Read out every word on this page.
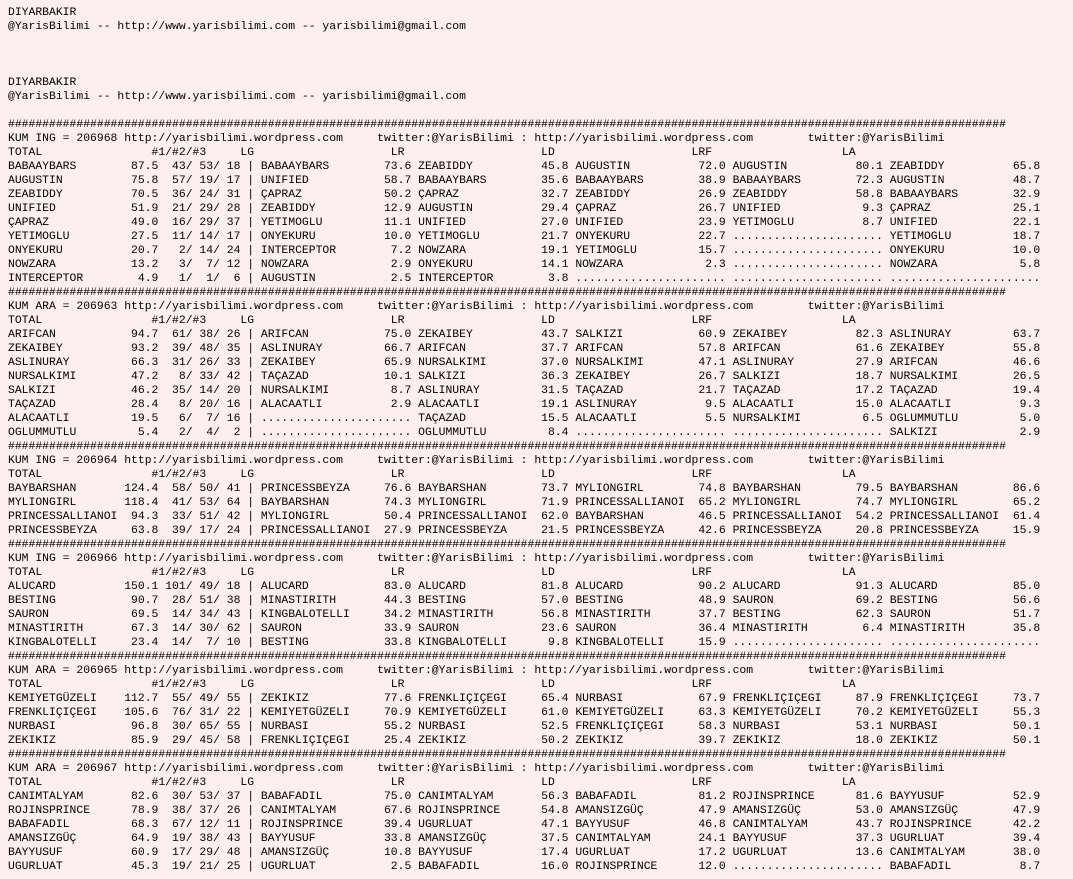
DIYARBAKIR
@YarisBilimi -- http://www.yarisbilimi.com -- yarisbilimi@gmail.com
DIYARBAKIR
@YarisBilimi -- http://www.yarisbilimi.com -- yarisbilimi@gmail.com
##################################################################################################################################################
KUM ING = 206968 http://yarisbilimi.wordpress.com     twitter:@YarisBilimi : http://yarisbilimi.wordpress.com        twitter:@YarisBilimi
TOTAL                #1/#2/#3     LG                    LR                    LD                    LRF                   LA
BABAAYBARS        87.5  43/ 53/ 18 | BABAAYBARS        73.6 ZEABIDDY          45.8 AUGUSTIN          72.0 AUGUSTIN          80.1 ZEABIDDY          65.8
AUGUSTIN          75.8  57/ 19/ 17 | UNIFIED           58.7 BABAAYBARS        35.6 BABAAYBARS        38.9 BABAAYBARS        72.3 AUGUSTIN          48.7
ZEABIDDY          70.5  36/ 24/ 31 | ÇAPRAZ            50.2 ÇAPRAZ            32.7 ZEABIDDY          26.9 ZEABIDDY          58.8 BABAAYBARS        32.9
UNIFIED           51.9  21/ 29/ 28 | ZEABIDDY          12.9 AUGUSTIN          29.4 ÇAPRAZ            26.7 UNIFIED            9.3 ÇAPRAZ            25.1
ÇAPRAZ            49.0  16/ 29/ 37 | YETIMOGLU         11.1 UNIFIED           27.0 UNIFIED           23.9 YETIMOGLU          8.7 UNIFIED           22.1
YETIMOGLU         27.5  11/ 14/ 17 | ONYEKURU          10.0 YETIMOGLU         21.7 ONYEKURU          22.7 ...................... YETIMOGLU         18.7
ONYEKURU          20.7   2/ 14/ 24 | INTERCEPTOR        7.2 NOWZARA           19.1 YETIMOGLU         15.7 ...................... ONYEKURU          10.0
NOWZARA           13.2   3/  7/ 12 | NOWZARA            2.9 ONYEKURU          14.1 NOWZARA            2.3 ...................... NOWZARA            5.8
INTERCEPTOR        4.9   1/  1/  6 | AUGUSTIN           2.5 INTERCEPTOR        3.8 ...................... ...................... ......................
##################################################################################################################################################
KUM ARA = 206963 http://yarisbilimi.wordpress.com     twitter:@YarisBilimi : http://yarisbilimi.wordpress.com        twitter:@YarisBilimi
TOTAL                #1/#2/#3     LG                    LR                    LD                    LRF                   LA
ARIFCAN           94.7  61/ 38/ 26 | ARIFCAN           75.0 ZEKAIBEY          43.7 SALKIZI           60.9 ZEKAIBEY          82.3 ASLINURAY         63.7
ZEKAIBEY          93.2  39/ 48/ 35 | ASLINURAY         66.7 ARIFCAN           37.7 ARIFCAN           57.8 ARIFCAN           61.6 ZEKAIBEY          55.8
ASLINURAY         66.3  31/ 26/ 33 | ZEKAIBEY          65.9 NURSALKIMI        37.0 NURSALKIMI        47.1 ASLINURAY         27.9 ARIFCAN           46.6
NURSALKIMI        47.2   8/ 33/ 42 | TAÇAZAD           10.1 SALKIZI           36.3 ZEKAIBEY          26.7 SALKIZI           18.7 NURSALKIMI        26.5
SALKIZI           46.2  35/ 14/ 20 | NURSALKIMI         8.7 ASLINURAY         31.5 TAÇAZAD           21.7 TAÇAZAD           17.2 TAÇAZAD           19.4
TAÇAZAD           28.4   8/ 20/ 16 | ALACAATLI          2.9 ALACAATLI         19.1 ASLINURAY          9.5 ALACAATLI         15.0 ALACAATLI          9.3
ALACAATLI         19.5   6/  7/ 16 | ...................... TAÇAZAD           15.5 ALACAATLI          5.5 NURSALKIMI         6.5 OGLUMMUTLU         5.0
OGLUMMUTLU         5.4   2/  4/  2 | ...................... OGLUMMUTLU         8.4 ...................... ...................... SALKIZI            2.9
##################################################################################################################################################
KUM ING = 206964 http://yarisbilimi.wordpress.com     twitter:@YarisBilimi : http://yarisbilimi.wordpress.com        twitter:@YarisBilimi
TOTAL                #1/#2/#3     LG                    LR                    LD                    LRF                   LA
BAYBARSHAN       124.4  58/ 50/ 41 | PRINCESSBEYZA     76.6 BAYBARSHAN        73.7 MYLIONGIRL        74.8 BAYBARSHAN        79.5 BAYBARSHAN        86.6
MYLIONGIRL       118.4  41/ 53/ 64 | BAYBARSHAN        74.3 MYLIONGIRL        71.9 PRINCESSALLIANOI  65.2 MYLIONGIRL        74.7 MYLIONGIRL        65.2
PRINCESSALLIANOI  94.3  33/ 51/ 42 | MYLIONGIRL        50.4 PRINCESSALLIANOI  62.0 BAYBARSHAN        46.5 PRINCESSALLIANOI  54.2 PRINCESSALLIANOI  61.4
PRINCESSBEYZA     63.8  39/ 17/ 24 | PRINCESSALLIANOI  27.9 PRINCESSBEYZA     21.5 PRINCESSBEYZA     42.6 PRINCESSBEYZA     20.8 PRINCESSBEYZA     15.9
##################################################################################################################################################
KUM ING = 206966 http://yarisbilimi.wordpress.com     twitter:@YarisBilimi : http://yarisbilimi.wordpress.com        twitter:@YarisBilimi
TOTAL                #1/#2/#3     LG                    LR                    LD                    LRF                   LA
ALUCARD          150.1 101/ 49/ 18 | ALUCARD           83.0 ALUCARD           81.8 ALUCARD           90.2 ALUCARD           91.3 ALUCARD           85.0
BESTING           90.7  28/ 51/ 38 | MINASTIRITH       44.3 BESTING           57.0 BESTING           48.9 SAURON            69.2 BESTING           56.6
SAURON            69.5  14/ 34/ 43 | KINGBALOTELLI     34.2 MINASTIRITH       56.8 MINASTIRITH       37.7 BESTING           62.3 SAURON            51.7
MINASTIRITH       67.3  14/ 30/ 62 | SAURON            33.9 SAURON            23.6 SAURON            36.4 MINASTIRITH        6.4 MINASTIRITH       35.8
KINGBALOTELLI     23.4  14/  7/ 10 | BESTING           33.8 KINGBALOTELLI      9.8 KINGBALOTELLI     15.9 ...................... ......................
##################################################################################################################################################
KUM ARA = 206965 http://yarisbilimi.wordpress.com     twitter:@YarisBilimi : http://yarisbilimi.wordpress.com        twitter:@YarisBilimi
TOTAL                #1/#2/#3     LG                    LR                    LD                    LRF                   LA
KEMIYETGÜZELI    112.7  55/ 49/ 55 | ZEKIKIZ           77.6 FRENKLIÇIÇEGI     65.4 NURBASI           67.9 FRENKLIÇIÇEGI     87.9 FRENKLIÇIÇEGI     73.7
FRENKLIÇIÇEGI    105.6  76/ 31/ 22 | KEMIYETGÜZELI     70.9 KEMIYETGÜZELI     61.0 KEMIYETGÜZELI     63.3 KEMIYETGÜZELI     70.2 KEMIYETGÜZELI     55.3
NURBASI           96.8  30/ 65/ 55 | NURBASI           55.2 NURBASI           52.5 FRENKLIÇIÇEGI     58.3 NURBASI           53.1 NURBASI           50.1
ZEKIKIZ           85.9  29/ 45/ 58 | FRENKLIÇIÇEGI     25.4 ZEKIKIZ           50.2 ZEKIKIZ           39.7 ZEKIKIZ           18.0 ZEKIKIZ           50.1
##################################################################################################################################################
KUM ARA = 206967 http://yarisbilimi.wordpress.com     twitter:@YarisBilimi : http://yarisbilimi.wordpress.com        twitter:@YarisBilimi
TOTAL                #1/#2/#3     LG                    LR                    LD                    LRF                   LA
CANIMTALYAM       82.6  30/ 53/ 37 | BABAFADIL         75.0 CANIMTALYAM       56.3 BABAFADIL         81.2 ROJINSPRINCE      81.6 BAYYUSUF          52.9
ROJINSPRINCE      78.9  38/ 37/ 26 | CANIMTALYAM       67.6 ROJINSPRINCE      54.8 AMANSIZGÜÇ        47.9 AMANSIZGÜÇ        53.0 AMANSIZGÜÇ        47.9
BABAFADIL         68.3  67/ 12/ 11 | ROJINSPRINCE      39.4 UGURLUAT          47.1 BAYYUSUF          46.8 CANIMTALYAM       43.7 ROJINSPRINCE      42.2
AMANSIZGÜÇ        64.9  19/ 38/ 43 | BAYYUSUF          33.8 AMANSIZGÜÇ        37.5 CANIMTALYAM       24.1 BAYYUSUF          37.3 UGURLUAT          39.4
BAYYUSUF          60.9  17/ 29/ 48 | AMANSIZGÜÇ        10.8 BAYYUSUF          17.4 UGURLUAT          17.2 UGURLUAT          13.6 CANIMTALYAM       38.0
UGURLUAT          45.3  19/ 21/ 25 | UGURLUAT           2.5 BABAFADIL         16.0 ROJINSPRINCE      12.0 ...................... BABAFADIL          8.7
